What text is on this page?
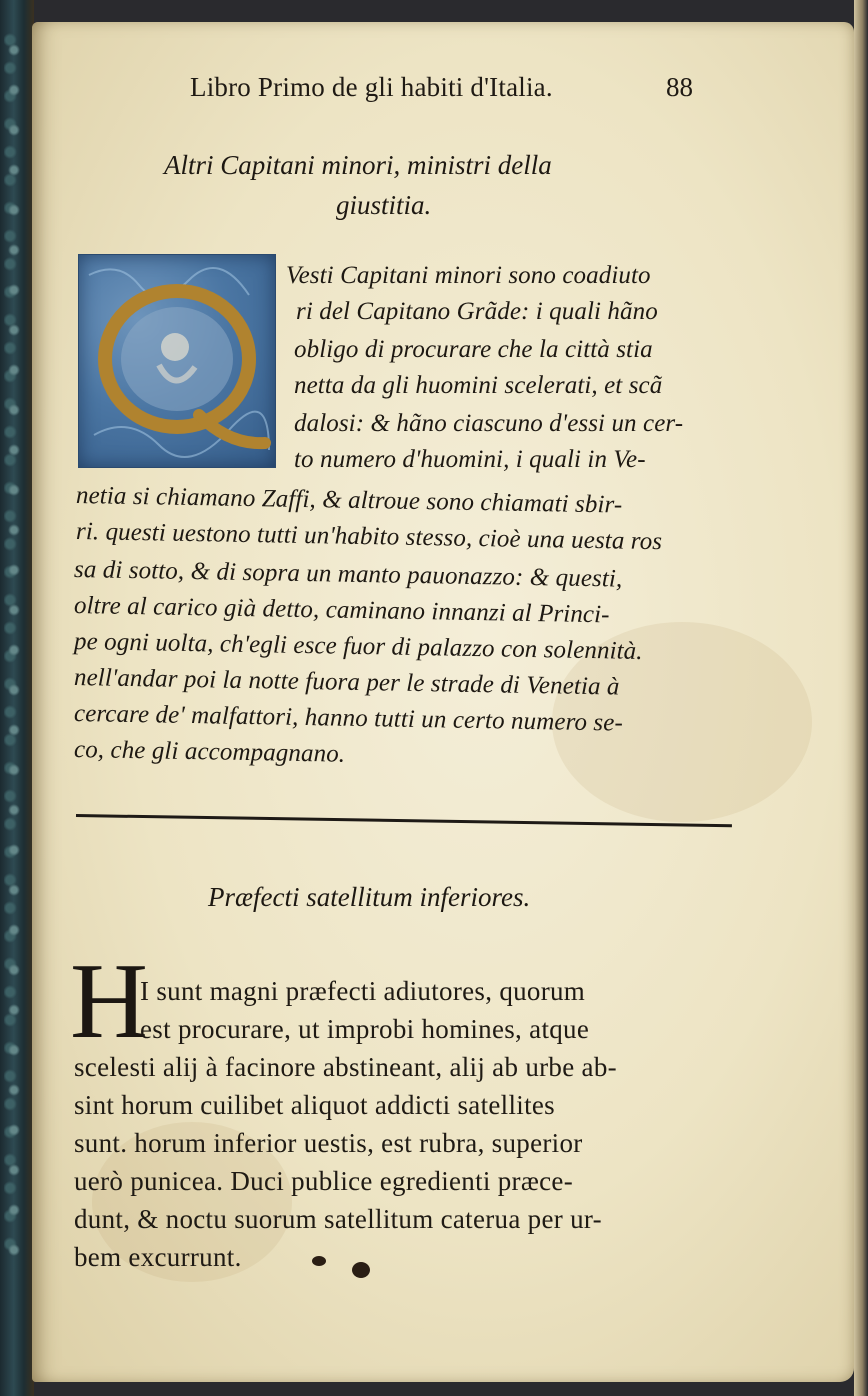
Libro Primo de gli habiti d'Italia.	88
Altri Capitani minori, ministri della
giustitia.
Vesti Capitani minori sono coadiuto
ri del Capitano Grãde: i quali hãno
obligo di procurare che la città stia
netta da gli huomini scelerati, et scã
dalosi: & hãno ciascuno d'essi un cer-
to numero d'huomini, i quali in Ve-
netia si chiamano Zaffi, & altroue sono chiamati sbir-
ri. questi uestono tutti un'habito stesso, cioè una uesta ros
sa di sotto, & di sopra un manto pauonazzo: & questi,
oltre al carico già detto, caminano innanzi al Princi-
pe ogni uolta, ch'egli esce fuor di palazzo con solennità.
nell'andar poi la notte fuora per le strade di Venetia à
cercare de' malfattori, hanno tutti un certo numero se-
co, che gli accompagnano.
Præfecti satellitum inferiores.
H
I sunt magni præfecti adiutores, quorum
est procurare, ut improbi homines, atque
scelesti alij à facinore abstineant, alij ab urbe ab-
sint horum cuilibet aliquot addicti satellites
sunt. horum inferior uestis, est rubra, superior
uerò punicea. Duci publice egredienti præce-
dunt, & noctu suorum satellitum caterua per ur-
bem excurrunt.
